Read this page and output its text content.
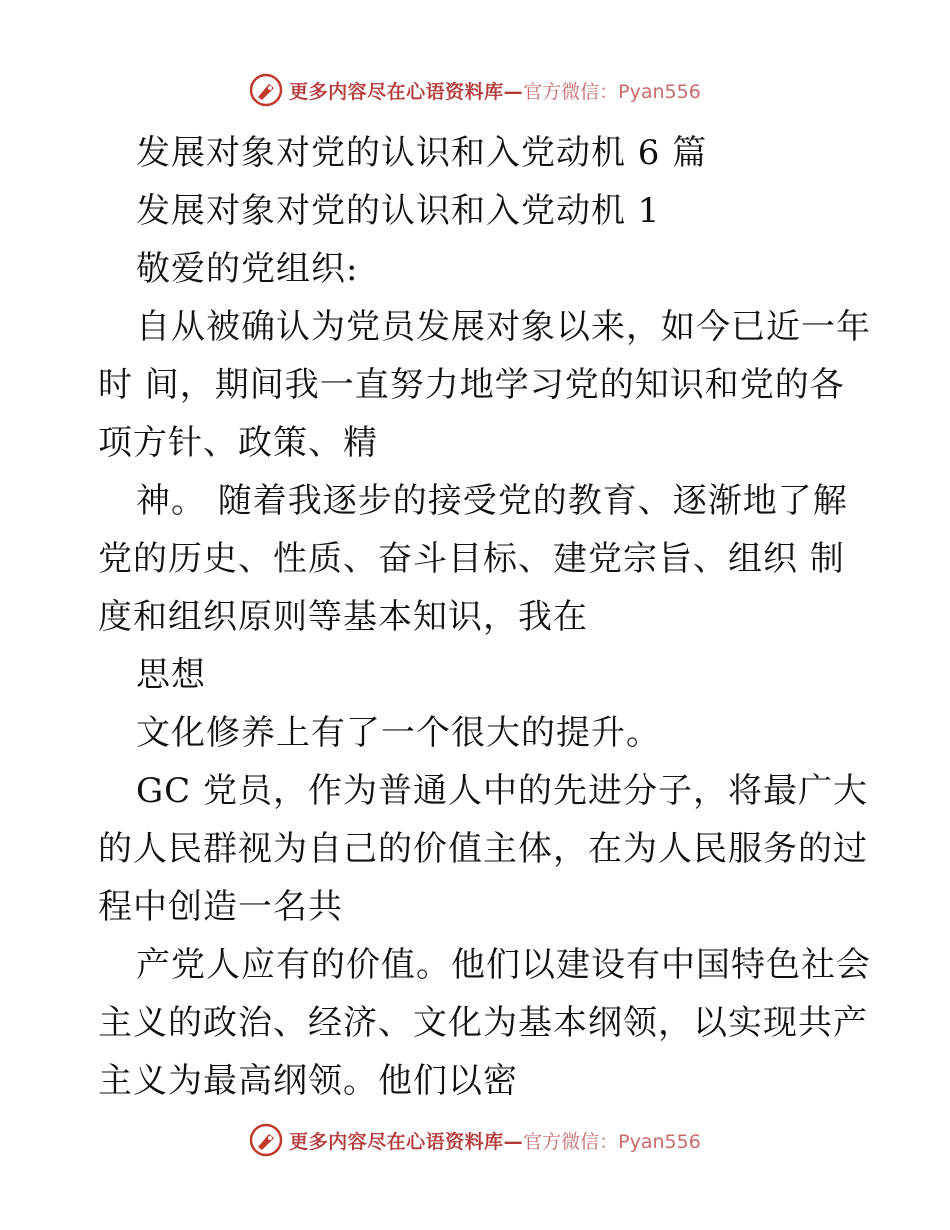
更多内容尽在心语资料库— 官方微信：Pyan556
发展对象对党的认识和入党动机 6 篇
发展对象对党的认识和入党动机 1
敬爱的党组织:
自从被确认为党员发展对象以来，如今已近一年
时 间，期间我一直努力地学习党的知识和党的各
项方针、政策、精
神。 随着我逐步的接受党的教育、逐渐地了解
党的历史、性质、奋斗目标、建党宗旨、组织 制
度和组织原则等基本知识，我在
思想
文化修养上有了一个很大的提升。
GC 党员，作为普通人中的先进分子，将最广大
的人民群视为自己的价值主体，在为人民服务的过
程中创造一名共
产党人应有的价值。他们以建设有中国特色社会
主义的政治、经济、文化为基本纲领，以实现共产
主义为最高纲领。他们以密
更多内容尽在心语资料库— 官方微信：Pyan556
